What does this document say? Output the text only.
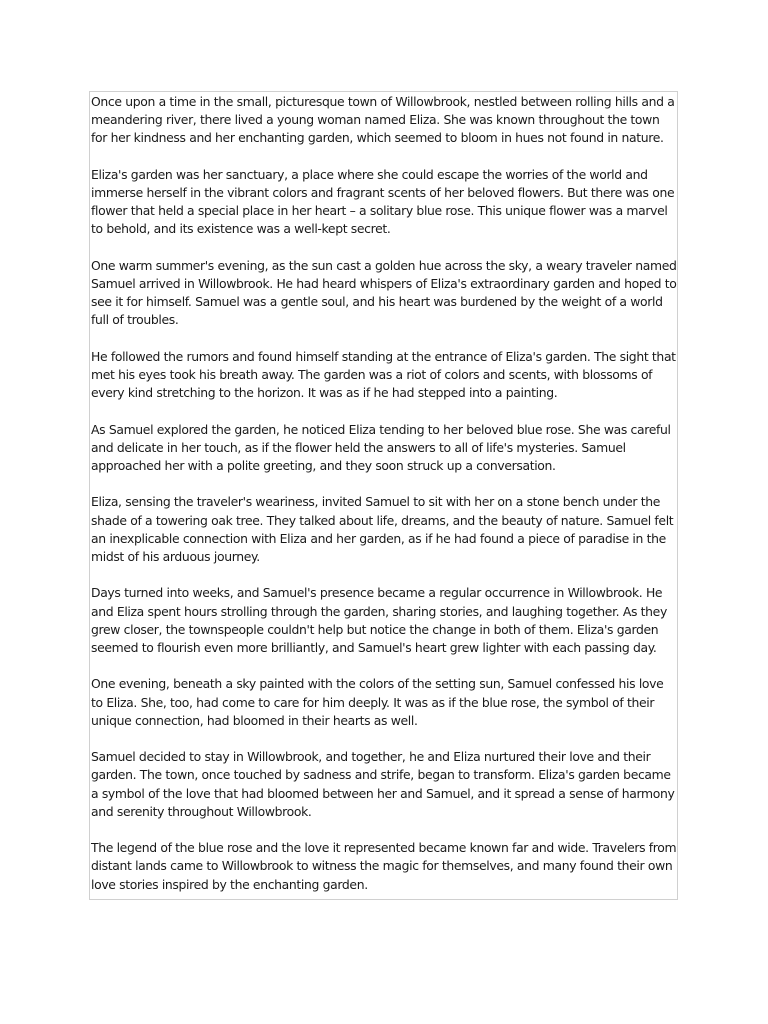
Once upon a time in the small, picturesque town of Willowbrook, nestled between rolling hills and a meandering river, there lived a young woman named Eliza. She was known throughout the town for her kindness and her enchanting garden, which seemed to bloom in hues not found in nature.

Eliza's garden was her sanctuary, a place where she could escape the worries of the world and immerse herself in the vibrant colors and fragrant scents of her beloved flowers. But there was one flower that held a special place in her heart – a solitary blue rose. This unique flower was a marvel to behold, and its existence was a well-kept secret.

One warm summer's evening, as the sun cast a golden hue across the sky, a weary traveler named Samuel arrived in Willowbrook. He had heard whispers of Eliza's extraordinary garden and hoped to see it for himself. Samuel was a gentle soul, and his heart was burdened by the weight of a world full of troubles.

He followed the rumors and found himself standing at the entrance of Eliza's garden. The sight that met his eyes took his breath away. The garden was a riot of colors and scents, with blossoms of every kind stretching to the horizon. It was as if he had stepped into a painting.

As Samuel explored the garden, he noticed Eliza tending to her beloved blue rose. She was careful and delicate in her touch, as if the flower held the answers to all of life's mysteries. Samuel approached her with a polite greeting, and they soon struck up a conversation.

Eliza, sensing the traveler's weariness, invited Samuel to sit with her on a stone bench under the shade of a towering oak tree. They talked about life, dreams, and the beauty of nature. Samuel felt an inexplicable connection with Eliza and her garden, as if he had found a piece of paradise in the midst of his arduous journey.

Days turned into weeks, and Samuel's presence became a regular occurrence in Willowbrook. He and Eliza spent hours strolling through the garden, sharing stories, and laughing together. As they grew closer, the townspeople couldn't help but notice the change in both of them. Eliza's garden seemed to flourish even more brilliantly, and Samuel's heart grew lighter with each passing day.

One evening, beneath a sky painted with the colors of the setting sun, Samuel confessed his love to Eliza. She, too, had come to care for him deeply. It was as if the blue rose, the symbol of their unique connection, had bloomed in their hearts as well.

Samuel decided to stay in Willowbrook, and together, he and Eliza nurtured their love and their garden. The town, once touched by sadness and strife, began to transform. Eliza's garden became a symbol of the love that had bloomed between her and Samuel, and it spread a sense of harmony and serenity throughout Willowbrook.

The legend of the blue rose and the love it represented became known far and wide. Travelers from distant lands came to Willowbrook to witness the magic for themselves, and many found their own love stories inspired by the enchanting garden.
